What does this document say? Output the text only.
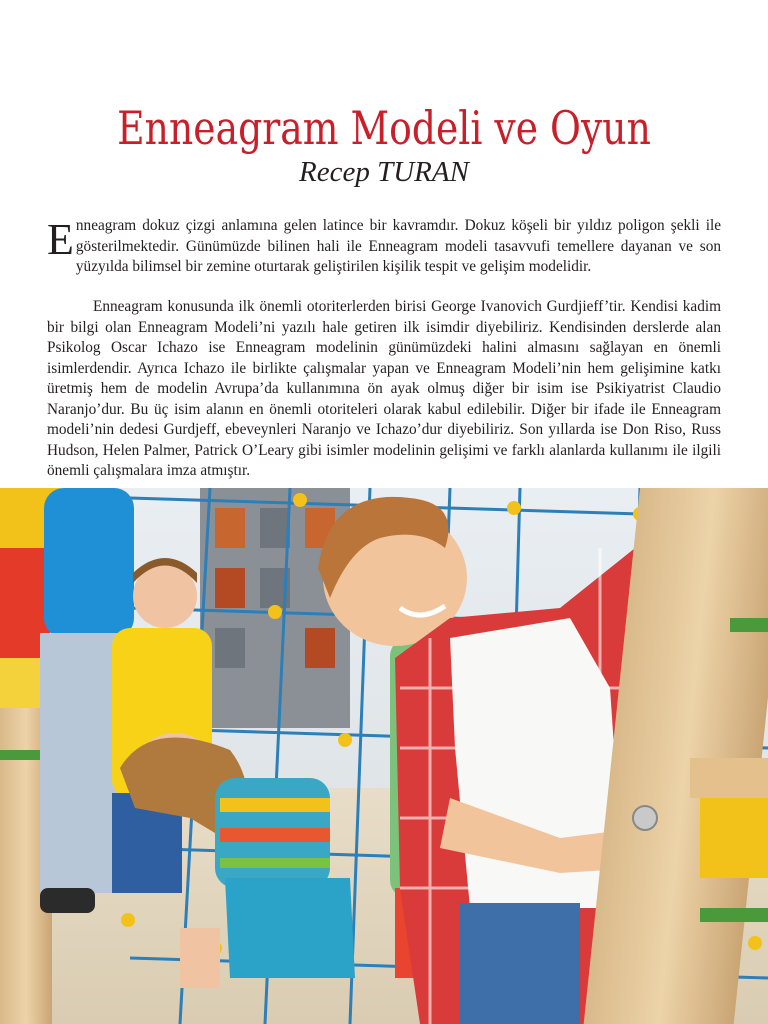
Enneagram Modeli ve Oyun
Recep TURAN
Enneagram dokuz çizgi anlamına gelen latince bir kavramdır. Dokuz köşeli bir yıldız poligon şekli ile gösterilmektedir. Günümüzde bilinen hali ile Enneagram modeli tasavvufi temellere dayanan ve son yüzyılda bilimsel bir zemine oturtarak geliştirilen kişilik tespit ve gelişim modelidir.
Enneagram konusunda ilk önemli otoriterlerden birisi George Ivanovich Gurdjieff’tir. Kendisi kadim bir bilgi olan Enneagram Modeli’ni yazılı hale getiren ilk isimdir diyebiliriz. Kendisinden derslerde alan Psikolog Oscar Ichazo ise Enneagram modelinin günümüzdeki halini almasını sağlayan en önemli isimlerdendir. Ayrıca Ichazo ile birlikte çalışmalar yapan ve Enneagram Modeli’nin hem gelişimine katkı üretmiş hem de modelin Avrupa’da kullanımına ön ayak olmuş diğer bir isim ise Psikiyatrist Claudio Naranjo’dur. Bu üç isim alanın en önemli otoriteleri olarak kabul edilebilir. Diğer bir ifade ile Enneagram modeli’nin dedesi Gurdjeff, ebeveynleri Naranjo ve Ichazo’dur diyebiliriz. Son yıllarda ise Don Riso, Russ Hudson, Helen Palmer, Patrick O’Leary gibi isimler modelinin gelişimi ve farklı alanlarda kullanımı ile ilgili önemli çalışmalara imza atmıştır.
